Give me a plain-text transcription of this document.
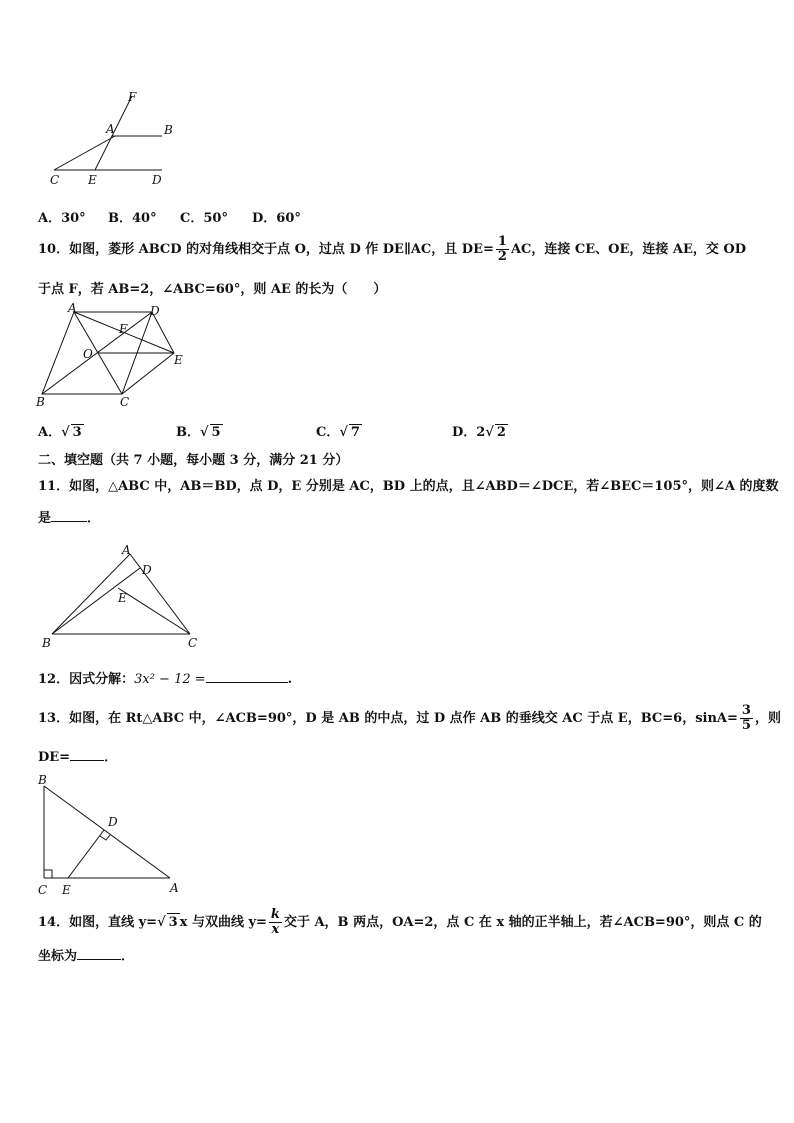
F
A	B
C E	D
A．30° B．40° C．50° D．60°
10．如图，菱形 ABCD 的对角线相交于点 O，过点 D 作 DE∥AC，且 $DE= \frac{1}{2}$ AC，连接 CE、OE，连接 AE，交 OD
于点 F，若 AB=2，∠ABC=60°，则 AE 的长为（　　）
A	D
F
O	E
B	C
A．√ 3	B．√ 5	C．√ 7	D．2√ 2
二、填空题（共 7 小题，每小题 3 分，满分 21 分）
11．如图，△ABC 中，AB＝BD，点 D，E 分别是 AC，BD 上的点，且∠ABD＝∠DCE，若∠BEC＝105°，则∠A 的度数
是	．
A
D
E
B	C
12．因式分解：3x² − 12 =	.
13．如图，在 Rt△ABC 中，∠ACB=90°，D 是 AB 的中点，过 D 点作 AB 的垂线交 AC 于点 E，BC=6，$\sin A= \frac{3}{5}$ ，则
DE=	．
B
D
C E	A
14．如图，直线 y=√ 3 x 与双曲线 $y= \frac{k}{x}$ 交于 A，B 两点，OA=2，点 C 在 x 轴的正半轴上，若∠ACB=90°，则点 C 的
坐标为	．
